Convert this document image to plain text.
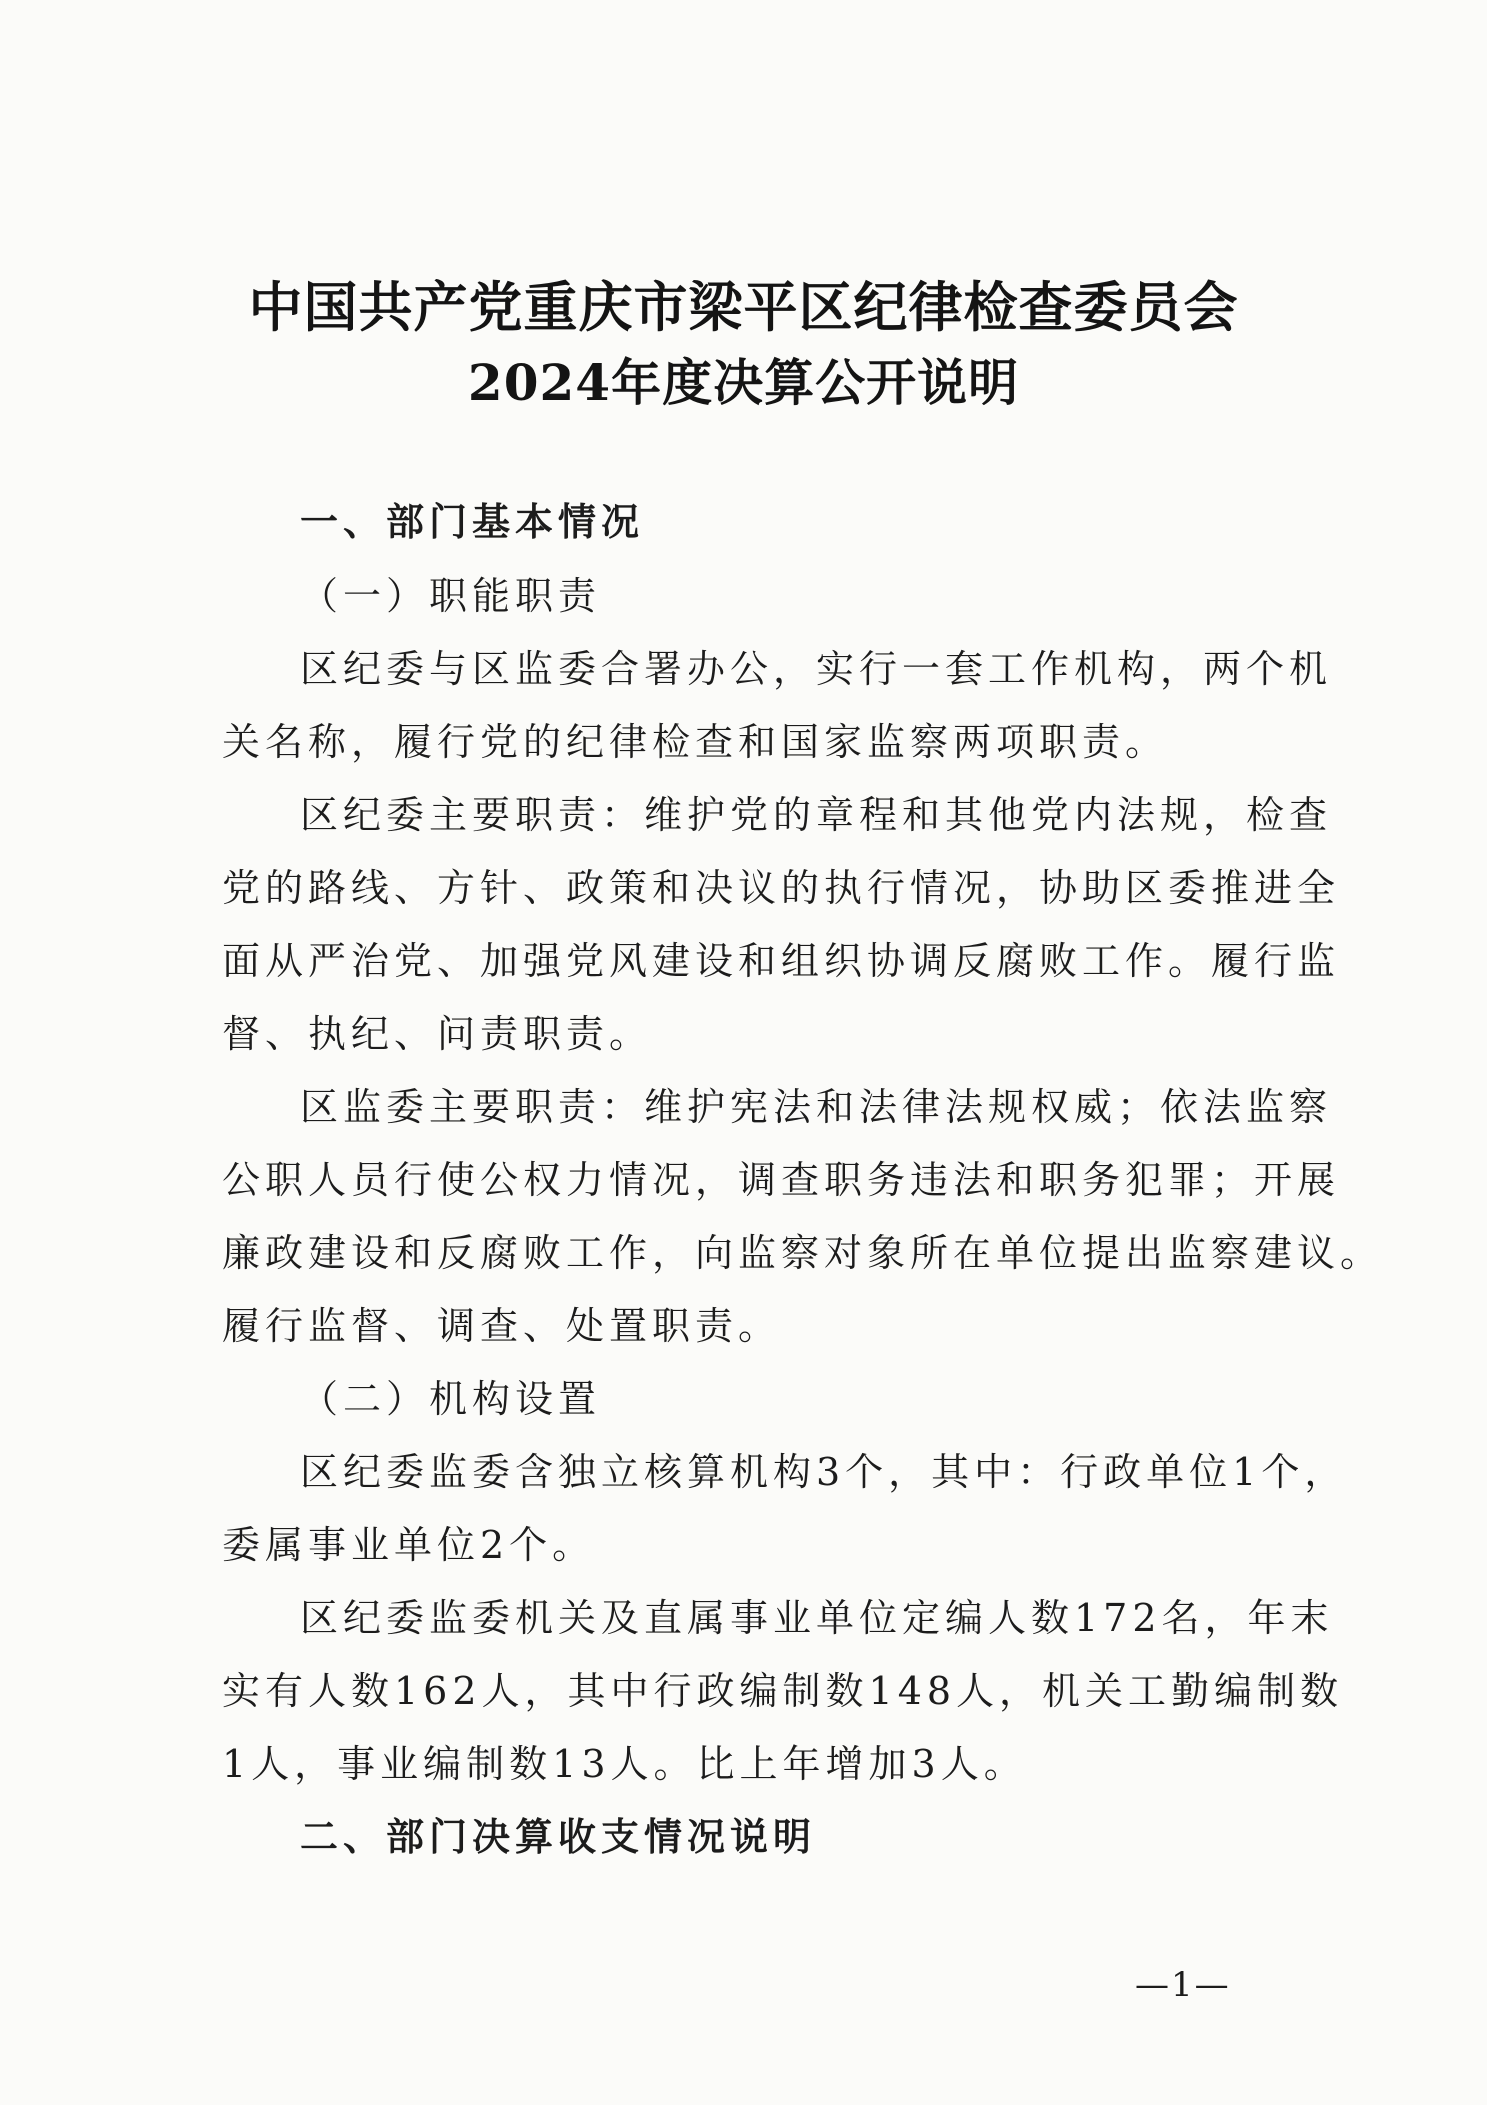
中国共产党重庆市梁平区纪律检查委员会
2024年度决算公开说明
一、部门基本情况
（一）职能职责
区纪委与区监委合署办公，实行一套工作机构，两个机
关名称，履行党的纪律检查和国家监察两项职责。
区纪委主要职责：维护党的章程和其他党内法规，检查
党的路线、方针、政策和决议的执行情况，协助区委推进全
面从严治党、加强党风建设和组织协调反腐败工作。履行监
督、执纪、问责职责。
区监委主要职责：维护宪法和法律法规权威；依法监察
公职人员行使公权力情况，调查职务违法和职务犯罪；开展
廉政建设和反腐败工作，向监察对象所在单位提出监察建议。
履行监督、调查、处置职责。
（二）机构设置
区纪委监委含独立核算机构3个，其中：行政单位1个，
委属事业单位2个。
区纪委监委机关及直属事业单位定编人数172名，年末
实有人数162人，其中行政编制数148人，机关工勤编制数
1人，事业编制数13人。比上年增加3人。
二、部门决算收支情况说明
—1—
